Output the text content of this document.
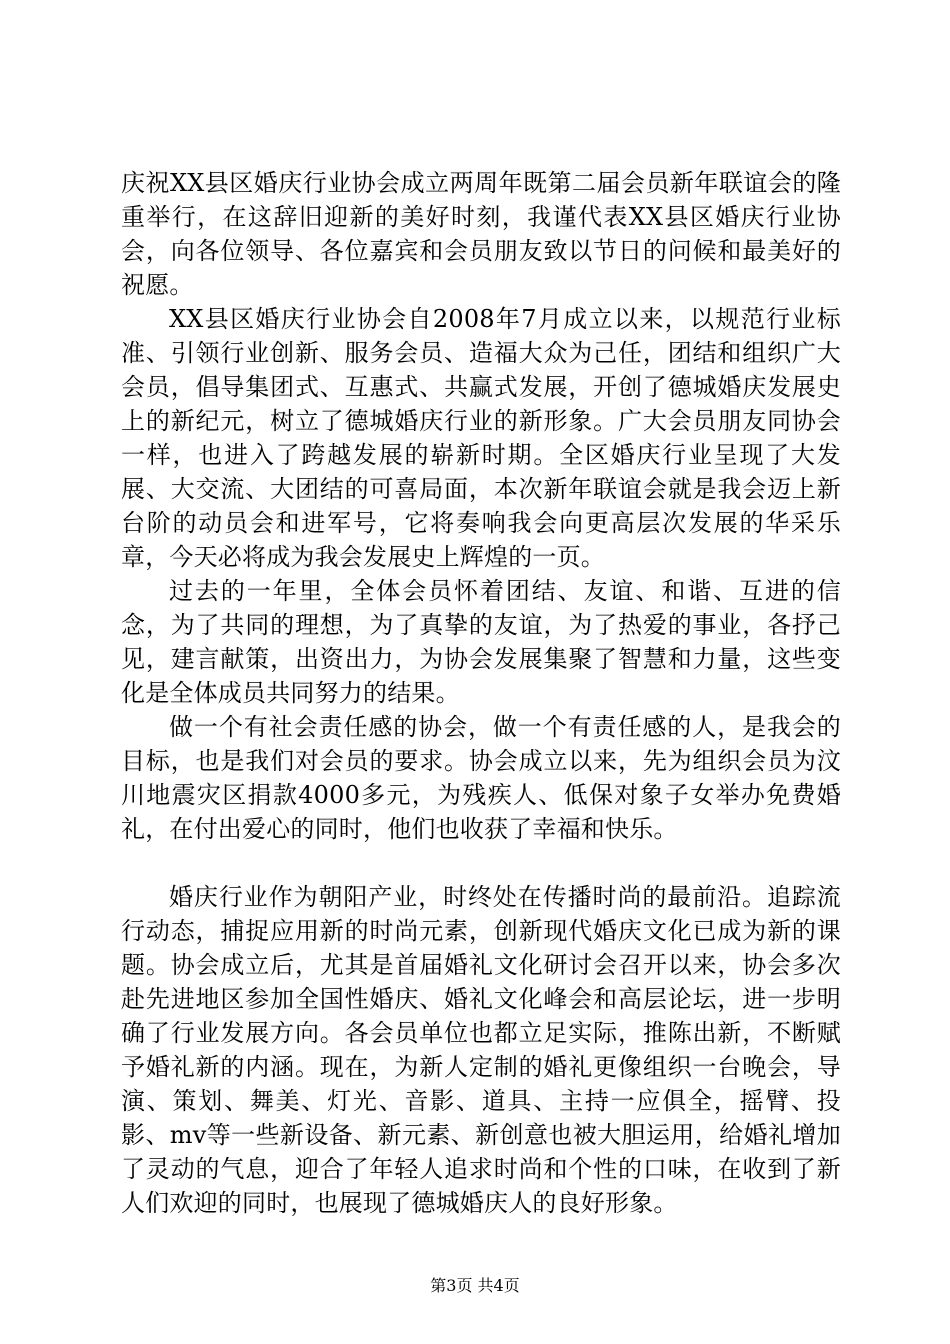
庆祝XX县区婚庆行业协会成立两周年既第二届会员新年联谊会的隆重举行，在这辞旧迎新的美好时刻，我谨代表XX县区婚庆行业协会，向各位领导、各位嘉宾和会员朋友致以节日的问候和最美好的祝愿。

XX县区婚庆行业协会自2008年7月成立以来，以规范行业标准、引领行业创新、服务会员、造福大众为己任，团结和组织广大会员，倡导集团式、互惠式、共赢式发展，开创了德城婚庆发展史上的新纪元，树立了德城婚庆行业的新形象。广大会员朋友同协会一样，也进入了跨越发展的崭新时期。全区婚庆行业呈现了大发展、大交流、大团结的可喜局面，本次新年联谊会就是我会迈上新台阶的动员会和进军号，它将奏响我会向更高层次发展的华采乐章，今天必将成为我会发展史上辉煌的一页。

过去的一年里，全体会员怀着团结、友谊、和谐、互进的信念，为了共同的理想，为了真挚的友谊，为了热爱的事业，各抒己见，建言献策，出资出力，为协会发展集聚了智慧和力量，这些变化是全体成员共同努力的结果。

做一个有社会责任感的协会，做一个有责任感的人，是我会的目标，也是我们对会员的要求。协会成立以来，先为组织会员为汶川地震灾区捐款4000多元，为残疾人、低保对象子女举办免费婚礼，在付出爱心的同时，他们也收获了幸福和快乐。

婚庆行业作为朝阳产业，时终处在传播时尚的最前沿。追踪流行动态，捕捉应用新的时尚元素，创新现代婚庆文化已成为新的课题。协会成立后，尤其是首届婚礼文化研讨会召开以来，协会多次赴先进地区参加全国性婚庆、婚礼文化峰会和高层论坛，进一步明确了行业发展方向。各会员单位也都立足实际，推陈出新，不断赋予婚礼新的内涵。现在，为新人定制的婚礼更像组织一台晚会，导演、策划、舞美、灯光、音影、道具、主持一应俱全，摇臂、投影、mv等一些新设备、新元素、新创意也被大胆运用，给婚礼增加了灵动的气息，迎合了年轻人追求时尚和个性的口味，在收到了新人们欢迎的同时，也展现了德城婚庆人的良好形象。

第3页 共4页
